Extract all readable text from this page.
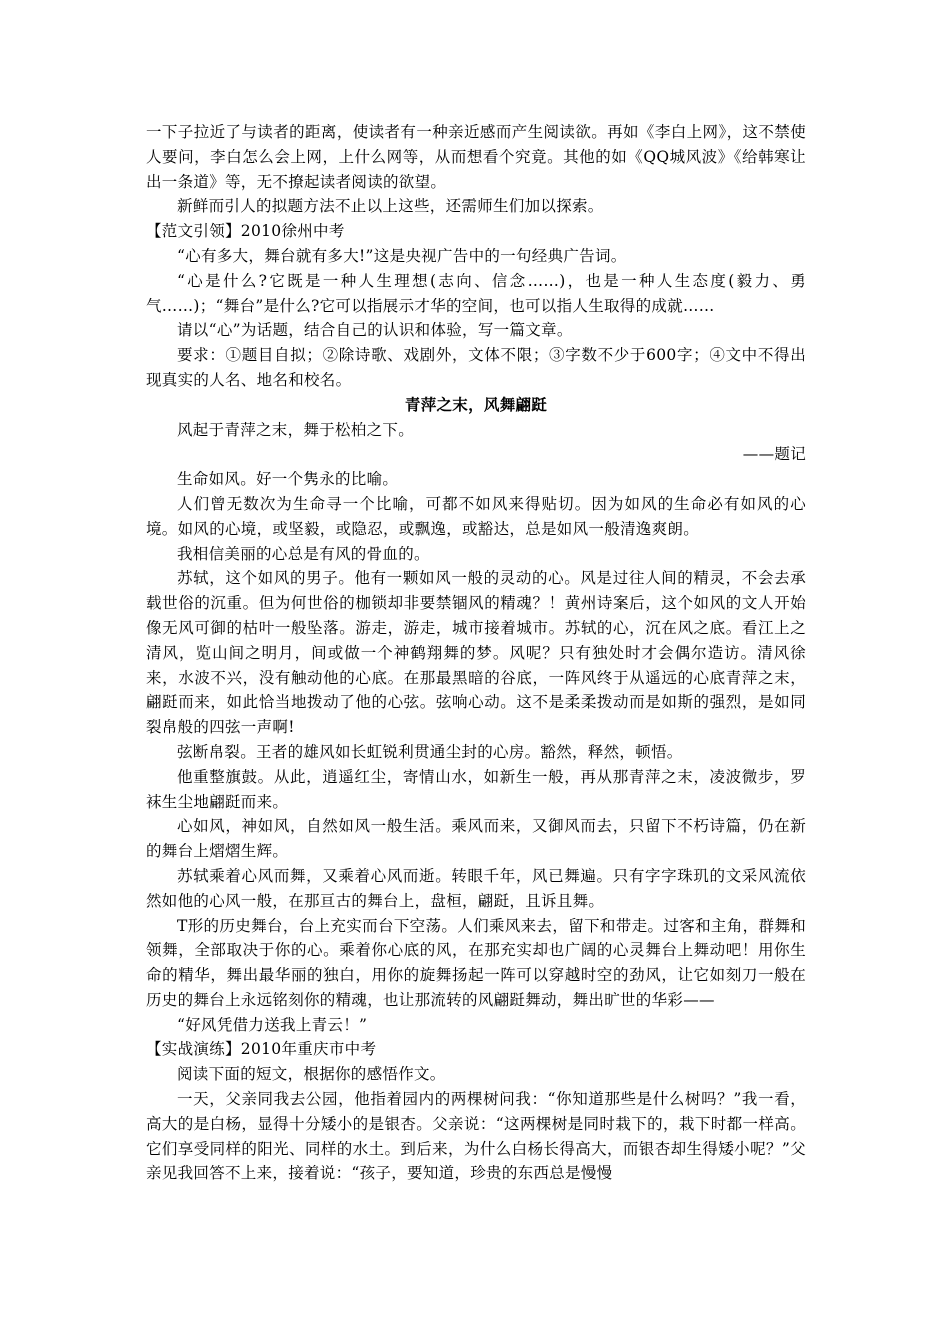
一下子拉近了与读者的距离，使读者有一种亲近感而产生阅读欲。再如《李白上网》，这不禁使人要问，李白怎么会上网，上什么网等，从而想看个究竟。其他的如《QQ城风波》《给韩寒让出一条道》等，无不撩起读者阅读的欲望。

新鲜而引人的拟题方法不止以上这些，还需师生们加以探索。

【范文引领】2010徐州中考

“心有多大，舞台就有多大!”这是央视广告中的一句经典广告词。

“心是什么?它既是一种人生理想(志向、信念……)，也是一种人生态度(毅力、勇气……)；“舞台”是什么?它可以指展示才华的空间，也可以指人生取得的成就……

请以“心”为话题，结合自己的认识和体验，写一篇文章。

要求：①题目自拟；②除诗歌、戏剧外，文体不限；③字数不少于600字；④文中不得出现真实的人名、地名和校名。

青萍之末，风舞翩跹

风起于青萍之末，舞于松柏之下。

——题记

生命如风。好一个隽永的比喻。

人们曾无数次为生命寻一个比喻，可都不如风来得贴切。因为如风的生命必有如风的心境。如风的心境，或坚毅，或隐忍，或飘逸，或豁达，总是如风一般清逸爽朗。

我相信美丽的心总是有风的骨血的。

苏轼，这个如风的男子。他有一颗如风一般的灵动的心。风是过往人间的精灵，不会去承载世俗的沉重。但为何世俗的枷锁却非要禁锢风的精魂？！黄州诗案后，这个如风的文人开始像无风可御的枯叶一般坠落。游走，游走，城市接着城市。苏轼的心，沉在风之底。看江上之清风，览山间之明月，间或做一个神鹤翔舞的梦。风呢？只有独处时才会偶尔造访。清风徐来，水波不兴，没有触动他的心底。在那最黑暗的谷底，一阵风终于从遥远的心底青萍之末，翩跹而来，如此恰当地拨动了他的心弦。弦响心动。这不是柔柔拨动而是如斯的强烈，是如同裂帛般的四弦一声啊!

弦断帛裂。王者的雄风如长虹锐利贯通尘封的心房。豁然，释然，顿悟。

他重整旗鼓。从此，逍遥红尘，寄情山水，如新生一般，再从那青萍之末，凌波微步，罗袜生尘地翩跹而来。

心如风，神如风，自然如风一般生活。乘风而来，又御风而去，只留下不朽诗篇，仍在新的舞台上熠熠生辉。

苏轼乘着心风而舞，又乘着心风而逝。转眼千年，风已舞遍。只有字字珠玑的文采风流依然如他的心风一般，在那亘古的舞台上，盘桓，翩跹，且诉且舞。

T形的历史舞台，台上充实而台下空荡。人们乘风来去，留下和带走。过客和主角，群舞和领舞，全部取决于你的心。乘着你心底的风，在那充实却也广阔的心灵舞台上舞动吧！用你生命的精华，舞出最华丽的独白，用你的旋舞扬起一阵可以穿越时空的劲风，让它如刻刀一般在历史的舞台上永远铭刻你的精魂，也让那流转的风翩跹舞动，舞出旷世的华彩——

“好风凭借力送我上青云！”

【实战演练】2010年重庆市中考

阅读下面的短文，根据你的感悟作文。

一天，父亲同我去公园，他指着园内的两棵树问我：“你知道那些是什么树吗？”我一看，高大的是白杨，显得十分矮小的是银杏。父亲说：“这两棵树是同时栽下的，栽下时都一样高。它们享受同样的阳光、同样的水土。到后来，为什么白杨长得高大，而银杏却生得矮小呢？”父亲见我回答不上来，接着说：“孩子，要知道，珍贵的东西总是慢慢
